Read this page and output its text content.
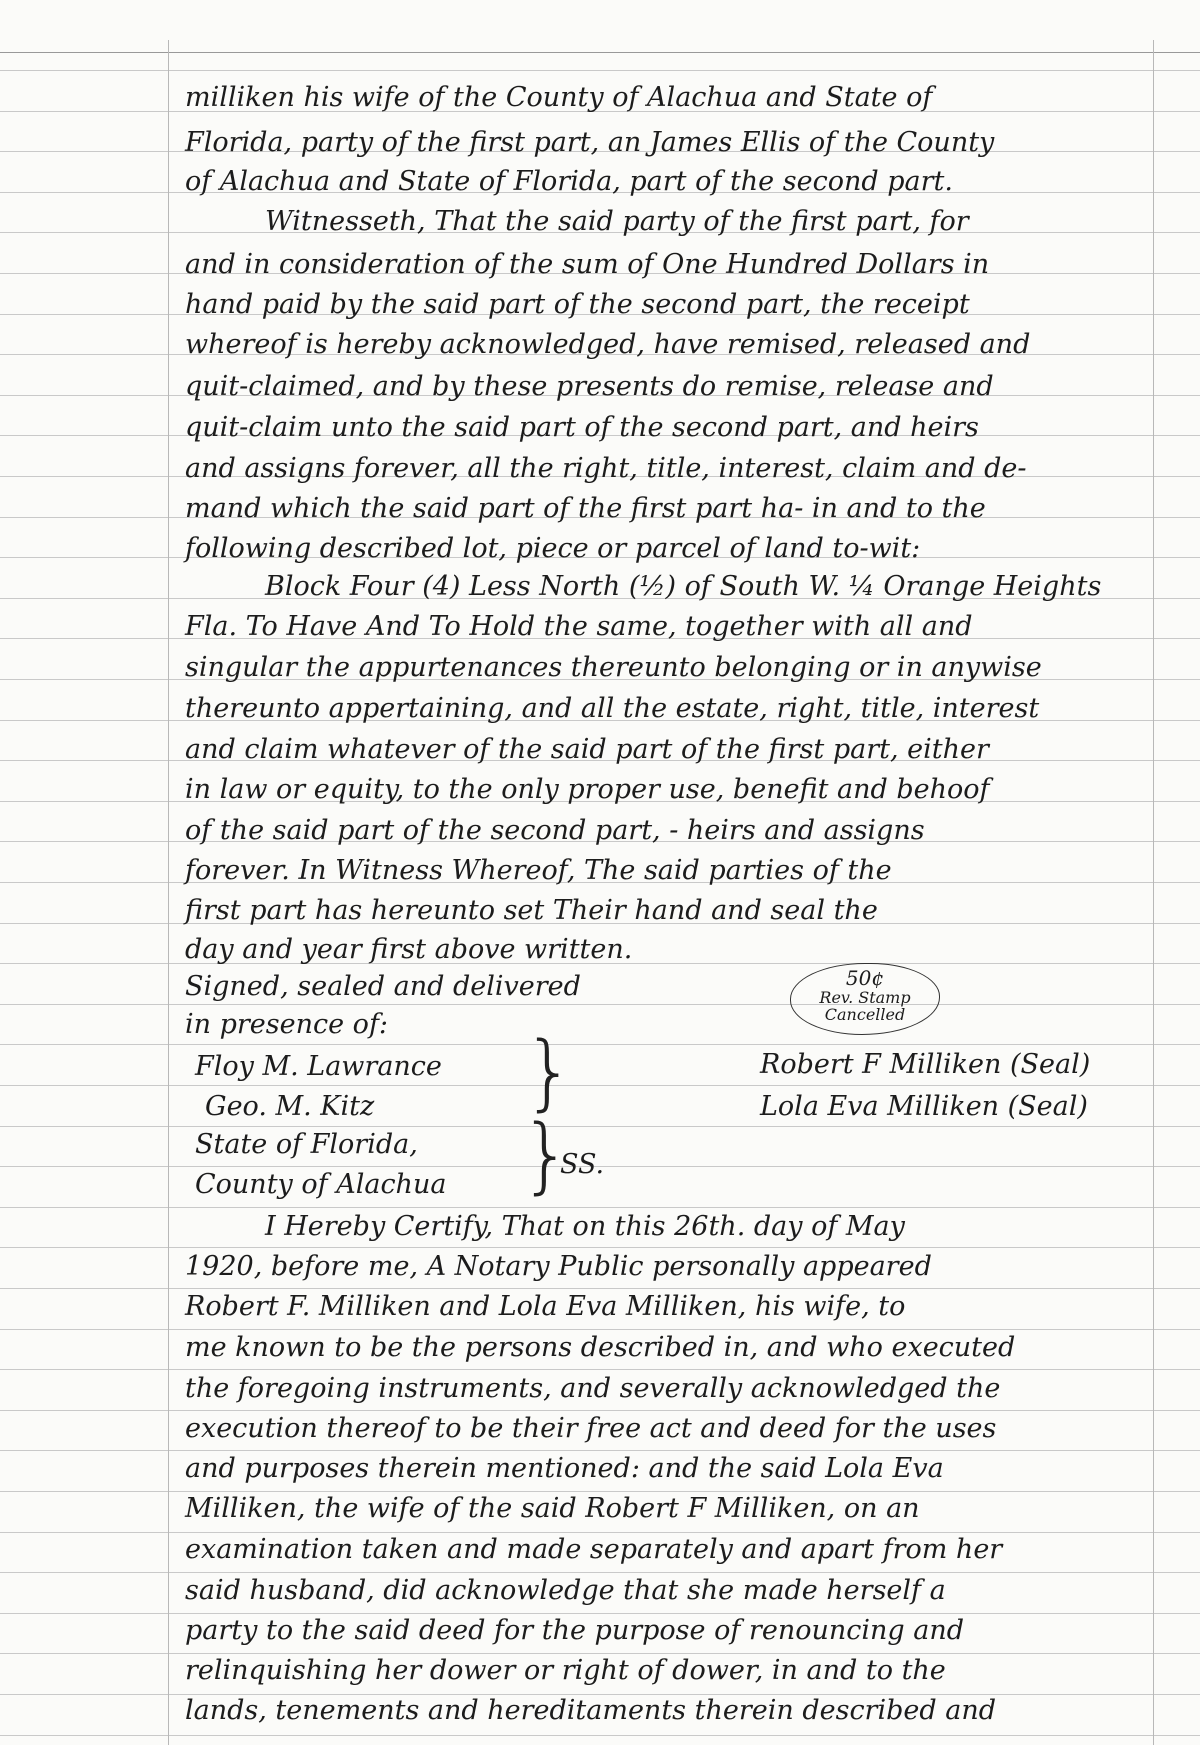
milliken his wife of the County of Alachua and State of
Florida, party of the first part, an James Ellis of the County
of Alachua and State of Florida, part of the second part.
Witnesseth, That the said party of the first part, for
and in consideration of the sum of One Hundred Dollars in
hand paid by the said part of the second part, the receipt
whereof is hereby acknowledged, have remised, released and
quit-claimed, and by these presents do remise, release and
quit-claim unto the said part of the second part, and heirs
and assigns forever, all the right, title, interest, claim and de-
mand which the said part of the first part ha- in and to the
following described lot, piece or parcel of land to-wit:
Block Four (4) Less North (½) of South W. ¼ Orange Heights
Fla. To Have And To Hold the same, together with all and
singular the appurtenances thereunto belonging or in anywise
thereunto appertaining, and all the estate, right, title, interest
and claim whatever of the said part of the first part, either
in law or equity, to the only proper use, benefit and behoof
of the said part of the second part, - heirs and assigns
forever. In Witness Whereof, The said parties of the
first part has hereunto set Their hand and seal the
day and year first above written.
Signed, sealed and delivered
in presence of:
50¢
Rev. Stamp
Cancelled
Floy M. Lawrance
Geo. M. Kitz }	Robert F Milliken (Seal)
Lola Eva Milliken (Seal)
State of Florida,
County of Alachua }
SS.
I Hereby Certify, That on this 26th. day of May
1920, before me, A Notary Public personally appeared
Robert F. Milliken and Lola Eva Milliken, his wife, to
me known to be the persons described in, and who executed
the foregoing instruments, and severally acknowledged the
execution thereof to be their free act and deed for the uses
and purposes therein mentioned: and the said Lola Eva
Milliken, the wife of the said Robert F Milliken, on an
examination taken and made separately and apart from her
said husband, did acknowledge that she made herself a
party to the said deed for the purpose of renouncing and
relinquishing her dower or right of dower, in and to the
lands, tenements and hereditaments therein described and
